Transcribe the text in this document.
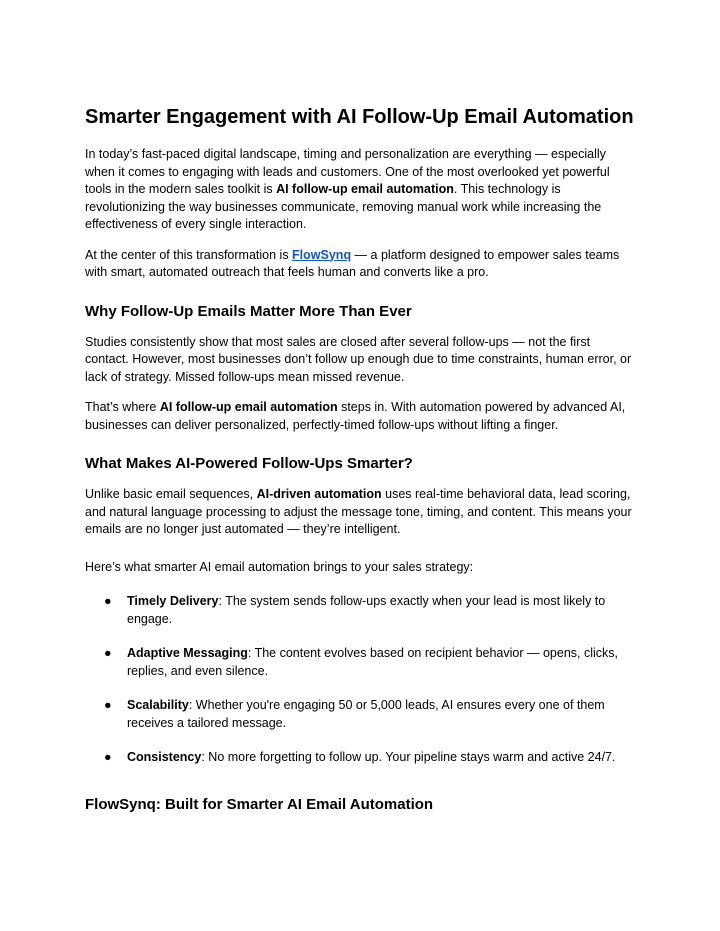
Smarter Engagement with AI Follow-Up Email Automation

In today’s fast-paced digital landscape, timing and personalization are everything — especially when it comes to engaging with leads and customers. One of the most overlooked yet powerful tools in the modern sales toolkit is AI follow-up email automation. This technology is revolutionizing the way businesses communicate, removing manual work while increasing the effectiveness of every single interaction.

At the center of this transformation is FlowSynq — a platform designed to empower sales teams with smart, automated outreach that feels human and converts like a pro.

Why Follow-Up Emails Matter More Than Ever

Studies consistently show that most sales are closed after several follow-ups — not the first contact. However, most businesses don’t follow up enough due to time constraints, human error, or lack of strategy. Missed follow-ups mean missed revenue.

That’s where AI follow-up email automation steps in. With automation powered by advanced AI, businesses can deliver personalized, perfectly-timed follow-ups without lifting a finger.

What Makes AI-Powered Follow-Ups Smarter?

Unlike basic email sequences, AI-driven automation uses real-time behavioral data, lead scoring, and natural language processing to adjust the message tone, timing, and content. This means your emails are no longer just automated — they’re intelligent.

Here’s what smarter AI email automation brings to your sales strategy:

● Timely Delivery: The system sends follow-ups exactly when your lead is most likely to engage.
● Adaptive Messaging: The content evolves based on recipient behavior — opens, clicks, replies, and even silence.
● Scalability: Whether you're engaging 50 or 5,000 leads, AI ensures every one of them receives a tailored message.
● Consistency: No more forgetting to follow up. Your pipeline stays warm and active 24/7.
FlowSynq: Built for Smarter AI Email Automation
